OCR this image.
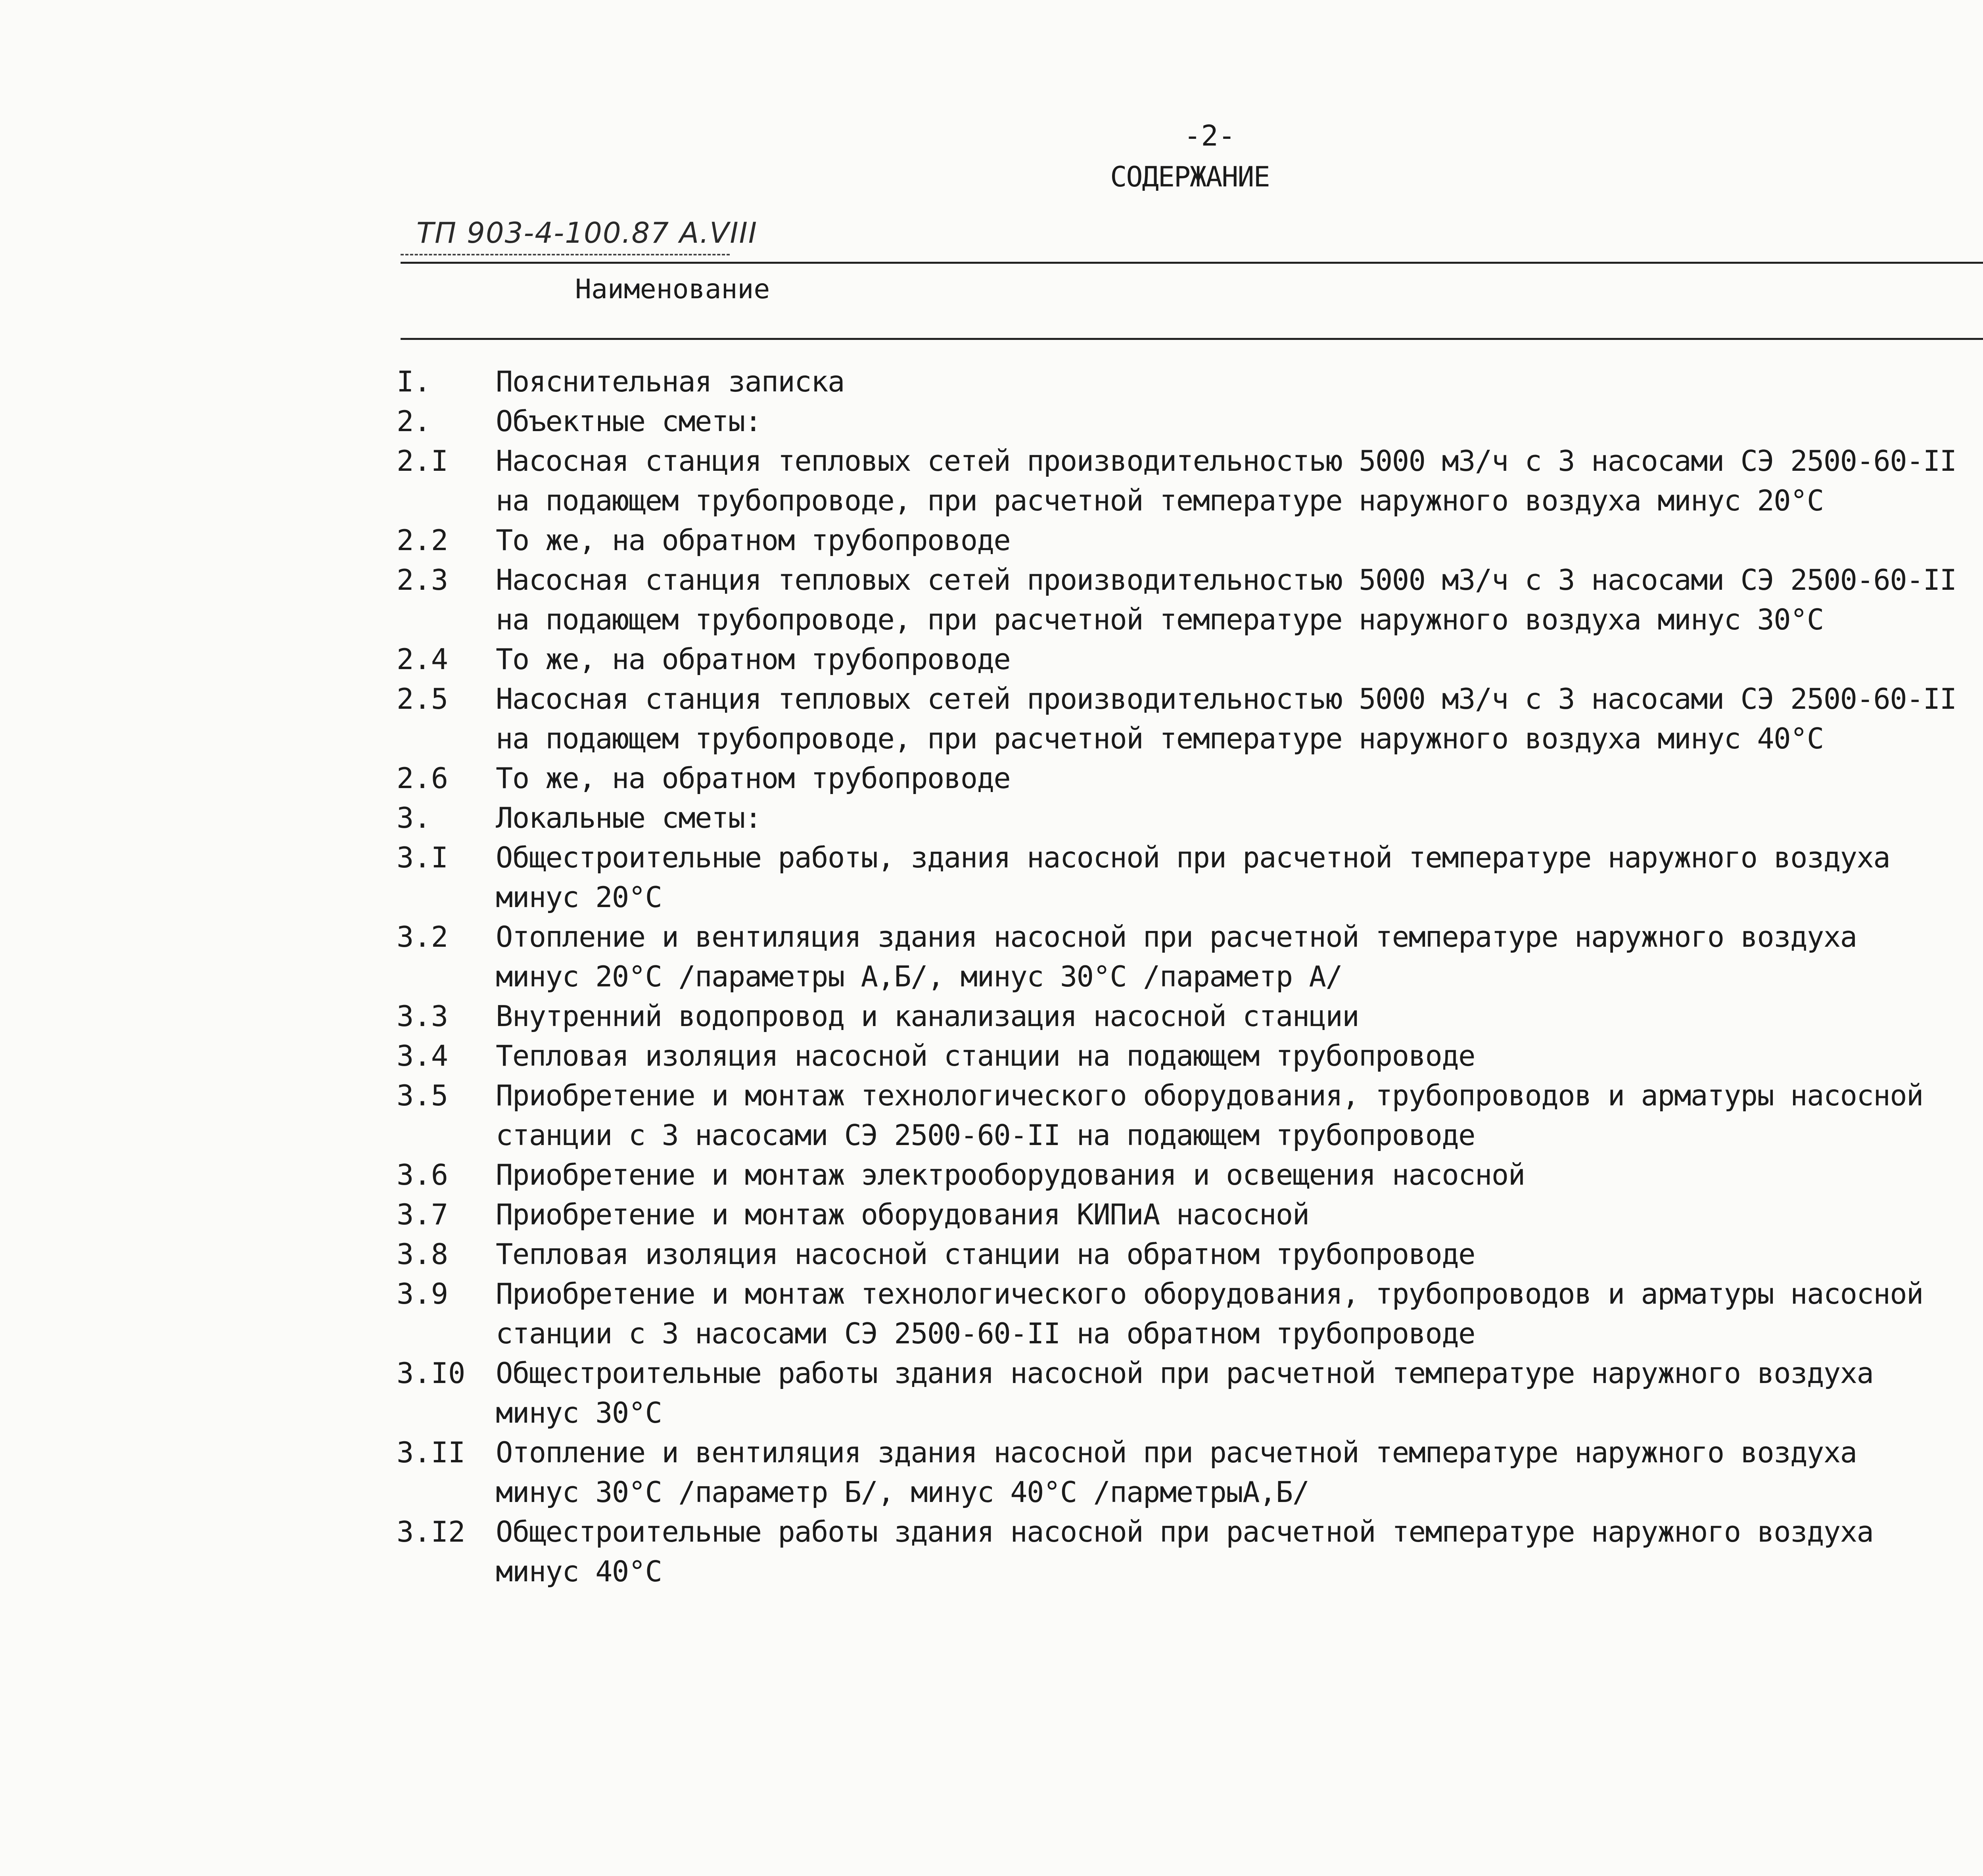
-2-
СОДЕРЖАНИЕ
ТП 903-4-100.87 А.VIII
Наименование
I. Пояснительная записка
2. Объектные сметы:
2.I Насосная станция тепловых сетей производительностью 5000 м3/ч с 3 насосами СЭ 2500-60-II
на подающем трубопроводе, при расчетной температуре наружного воздуха минус 20°С
2.2 То же, на обратном трубопроводе
2.3 Насосная станция тепловых сетей производительностью 5000 м3/ч с 3 насосами СЭ 2500-60-II
на подающем трубопроводе, при расчетной температуре наружного воздуха минус 30°С
2.4 То же, на обратном трубопроводе
2.5 Насосная станция тепловых сетей производительностью 5000 м3/ч с 3 насосами СЭ 2500-60-II
на подающем трубопроводе, при расчетной температуре наружного воздуха минус 40°С
2.6 То же, на обратном трубопроводе
3. Локальные сметы:
3.I Общестроительные работы, здания насосной при расчетной температуре наружного воздуха
минус 20°С
3.2 Отопление и вентиляция здания насосной при расчетной температуре наружного воздуха
минус 20°С /параметры А,Б/, минус 30°С /параметр А/
3.3 Внутренний водопровод и канализация насосной станции
3.4 Тепловая изоляция насосной станции на подающем трубопроводе
3.5 Приобретение и монтаж технологического оборудования, трубопроводов и арматуры насосной
станции с 3 насосами СЭ 2500-60-II на подающем трубопроводе
3.6 Приобретение и монтаж электрооборудования и освещения насосной
3.7 Приобретение и монтаж оборудования КИПиА насосной
3.8 Тепловая изоляция насосной станции на обратном трубопроводе
3.9 Приобретение и монтаж технологического оборудования, трубопроводов и арматуры насосной
станции с 3 насосами СЭ 2500-60-II на обратном трубопроводе
3.I0 Общестроительные работы здания насосной при расчетной температуре наружного воздуха
минус 30°С
3.II Отопление и вентиляция здания насосной при расчетной температуре наружного воздуха
минус 30°С /параметр Б/, минус 40°С /парметрыА,Б/
3.I2 Общестроительные работы здания насосной при расчетной температуре наружного воздуха
минус 40°С
